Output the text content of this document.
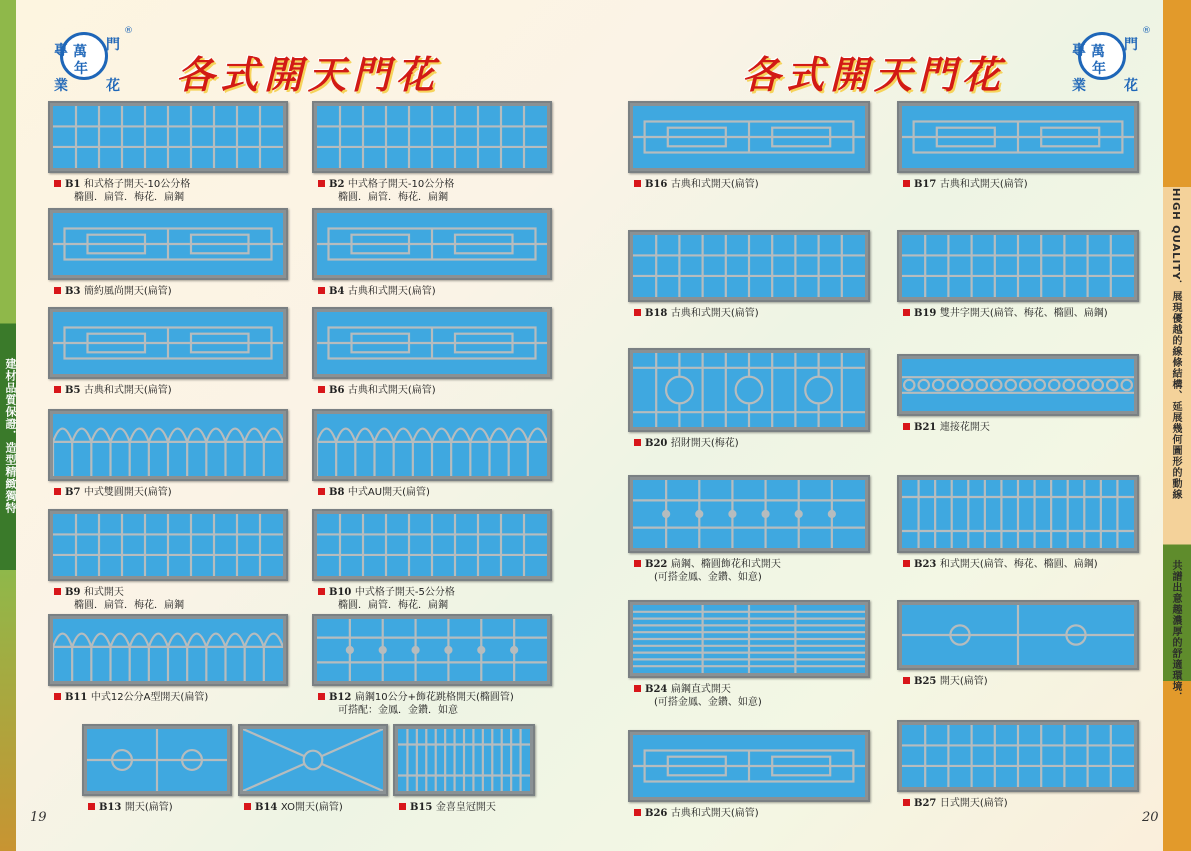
建材品質保證．造型精緻獨特
專 萬 門
業
年
花
®
各式開天門花
19
HIGH QUALITY．展現優越的線條結構、延展幾何圖形的動線
共譜出意趣濃厚的舒適環境．
專 萬 門
業
年
花
®
各式開天門花
20
B1 和式格子開天-10公分格
橢圓．扁管．梅花．扁鋼
B2 中式格子開天-10公分格
橢圓．扁管．梅花．扁鋼
B3 簡約風尚開天(扁管)	B4 古典和式開天(扁管)
B5 古典和式開天(扁管)	B6 古典和式開天(扁管)
B7 中式雙圓開天(扁管)	B8 中式AU開天(扁管)
B9 和式開天
橢圓．扁管．梅花．扁鋼
B10 中式格子開天-5公分格
橢圓．扁管．梅花．扁鋼
B11 中式12公分A型開天(扁管)	B12 扁鋼10公分+飾花跳格開天(橢圓管)
可搭配：金鳳．金鑽．如意
B13 開天(扁管)	B14 XO開天(扁管)	B15 金喜皇冠開天
B16 古典和式開天(扁管)	B17 古典和式開天(扁管)
B18 古典和式開天(扁管)	B19 雙井字開天(扁管、梅花、橢圓、扁鋼)
B20 招財開天(梅花)
B21 連接花開天
B22 扁鋼、橢圓飾花和式開天
(可搭金鳳、金鑽、如意)
B23 和式開天(扁管、梅花、橢圓、扁鋼)
B24 扁鋼直式開天
(可搭金鳳、金鑽、如意)
B25 開天(扁管)
B26 古典和式開天(扁管)
B27 日式開天(扁管)
